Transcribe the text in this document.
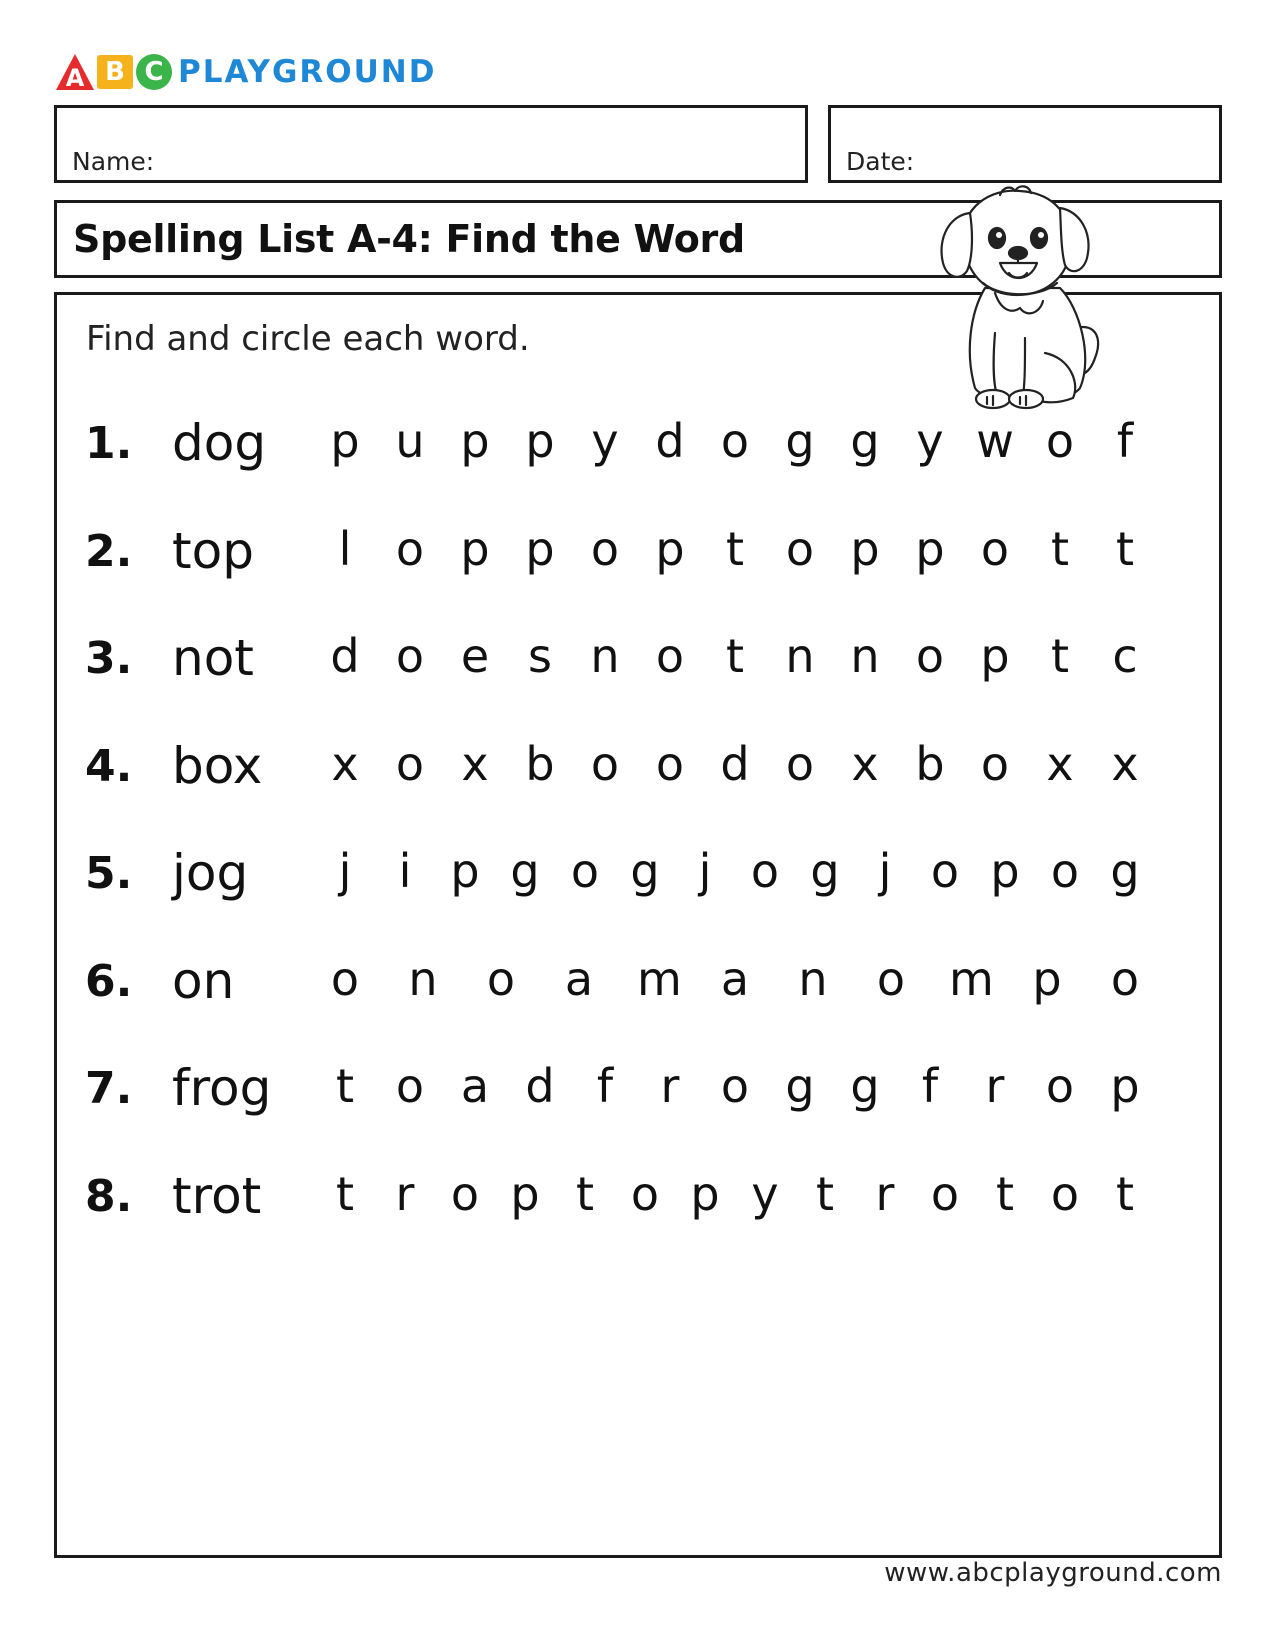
A B C PLAYGROUND
Name:	Date:
Spelling List A-4: Find the Word
Find and circle each word.
1. dog p u p p y d o g g y w o f
2. top l o p p o p t o p p o t t
3. not d o e s n o t n n o p t c
4. box x o x b o o d o x b o x x
5. jog j i p g o g j o g j o p o g
6. on o n o a m a n o m p o
7. frog t o a d f r o g g f r o p
8. trot t r o p t o p y t r o t o t
www.abcplayground.com
